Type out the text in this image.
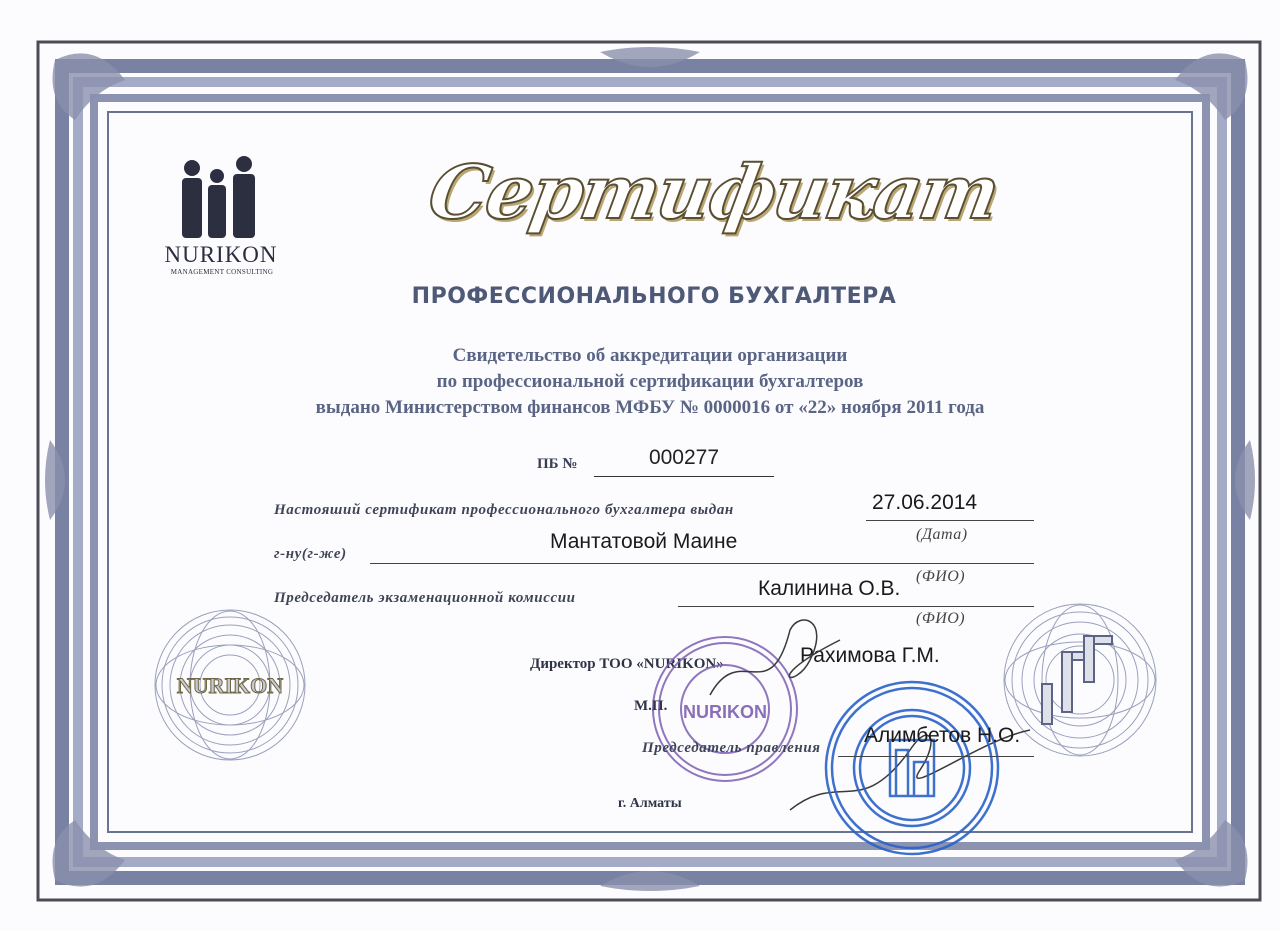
NURIKON
MANAGEMENT CONSULTING
Сертификат
ПРОФЕССИОНАЛЬНОГО БУХГАЛТЕРА
Свидетельство об аккредитации организации
по профессиональной сертификации бухгалтеров
выдано Министерством финансов МФБУ № 0000016 от «22» ноября 2011 года
ПБ №	000277
Настояший сертификат профессионального бухгалтера выдан	27.06.2014
(Дата)
г-ну(г-же)
Мантатовой Маине
(ФИО)
Председатель экзаменационной комиссии	Калинина О.В.
(ФИО)
NURIKON
Директор ТОО «NURIKON»	Рахимова Г.М.
NURIKON
М.П.
Председатель правления
Алимбетов Н.О.
г. Алматы
